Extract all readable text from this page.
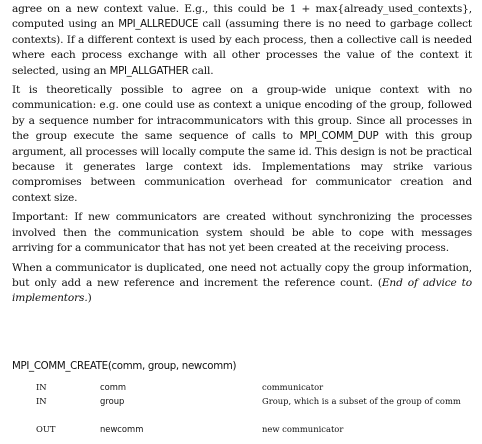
agree on a new context value. E.g., this could be 1 + max{already_used_contexts}, computed using an MPI_ALLREDUCE call (assuming there is no need to garbage collect contexts). If a different context is used by each process, then a collective call is needed where each process exchange with all other processes the value of the context it selected, using an MPI_ALLGATHER call.

It is theoretically possible to agree on a group-wide unique context with no communication: e.g. one could use as context a unique encoding of the group, followed by a sequence number for intracommunicators with this group. Since all processes in the group execute the same sequence of calls to MPI_COMM_DUP with this group argument, all processes will locally compute the same id. This design is not be practical because it generates large context ids. Implementations may strike various compromises between communication overhead for communicator creation and context size.

Important: If new communicators are created without synchronizing the processes involved then the communication system should be able to cope with messages arriving for a communicator that has not yet been created at the receiving process.

When a communicator is duplicated, one need not actually copy the group information, but only add a new reference and increment the reference count. (End of advice to implementors.)

MPI_COMM_CREATE(comm, group, newcomm)
IN	comm	communicator
IN	group	Group, which is a subset of the group of comm
OUT	newcomm	new communicator
